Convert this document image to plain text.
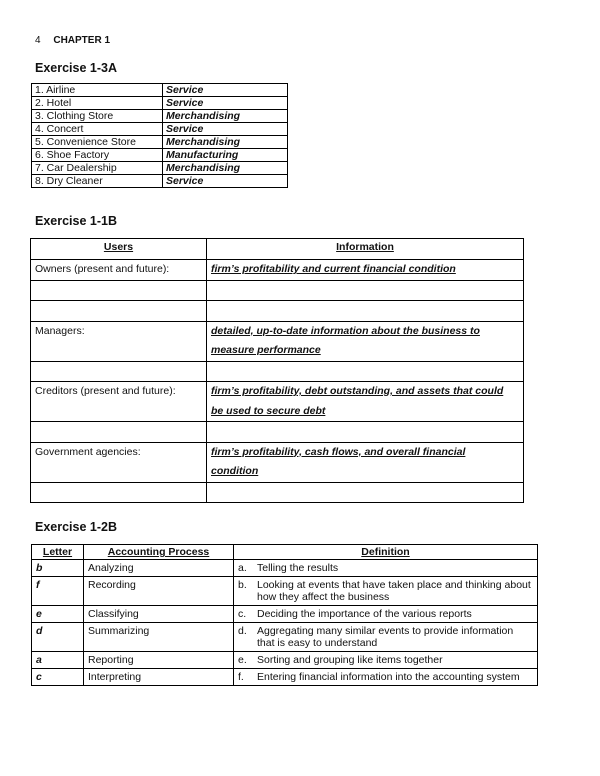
4 CHAPTER 1
Exercise 1-3A
1. Airline	Service
2. Hotel	Service
3. Clothing Store	Merchandising
4. Concert	Service
5. Convenience Store	Merchandising
6. Shoe Factory	Manufacturing
7. Car Dealership	Merchandising
8. Dry Cleaner	Service
Exercise 1-1B
Users	Information
Owners (present and future):	firm’s profitability and current financial condition

Managers:	detailed, up-to-date information about the business to
	measure performance

Creditors (present and future):	firm’s profitability, debt outstanding, and assets that could
	be used to secure debt

Government agencies:	firm’s profitability, cash flows, and overall financial
	condition

Exercise 1-2B
Letter	Accounting Process	Definition
b	Analyzing	a. Telling the results

f	Recording	b. Looking at events that have taken place and thinking about how they affect the business

e	Classifying	c. Deciding the importance of the various reports

d	Summarizing	d. Aggregating many similar events to provide information that is easy to understand

a	Reporting	e. Sorting and grouping like items together

c	Interpreting	f. Entering financial information into the accounting system
